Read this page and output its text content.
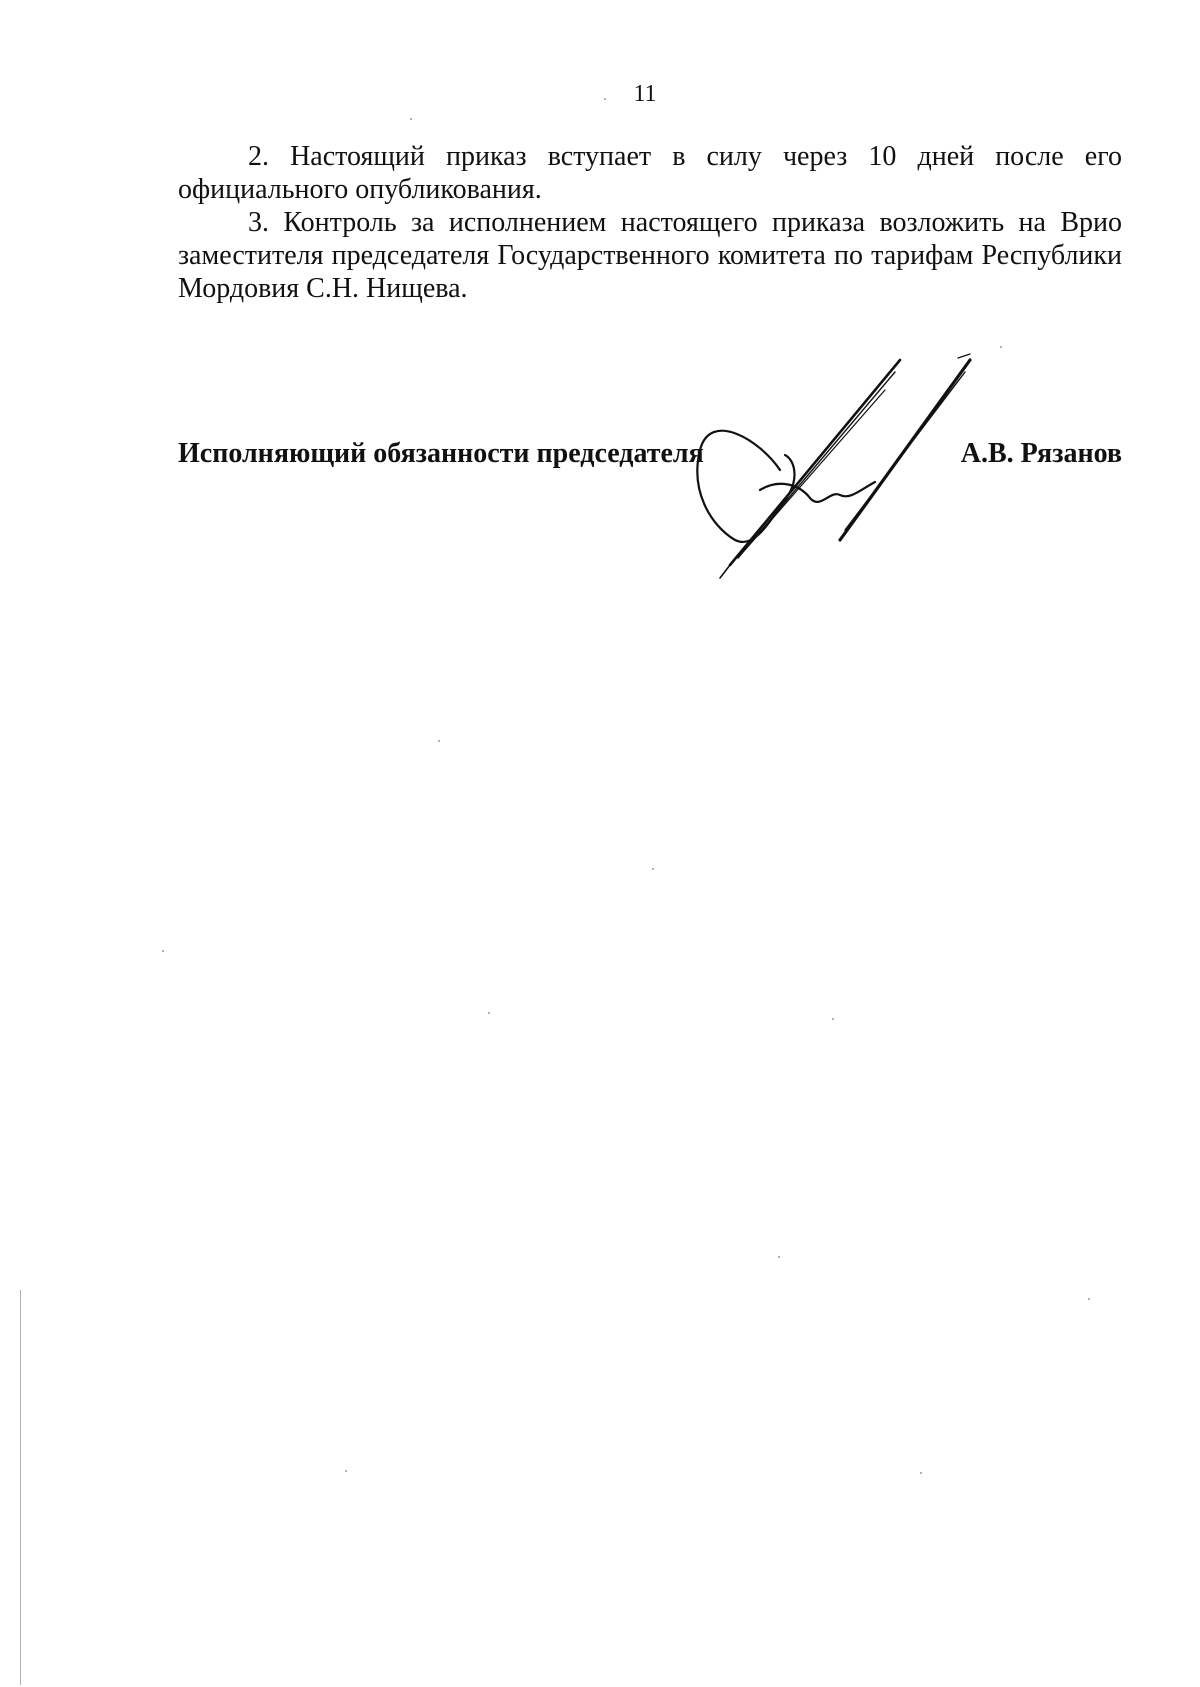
11

2. Настоящий приказ вступает в силу через 10 дней после его официального опубликования.

3. Контроль за исполнением настоящего приказа возложить на Врио заместителя председателя Государственного комитета по тарифам Республики Мордовия С.Н. Нищева.

Исполняющий обязанности председателя	А.В. Рязанов
